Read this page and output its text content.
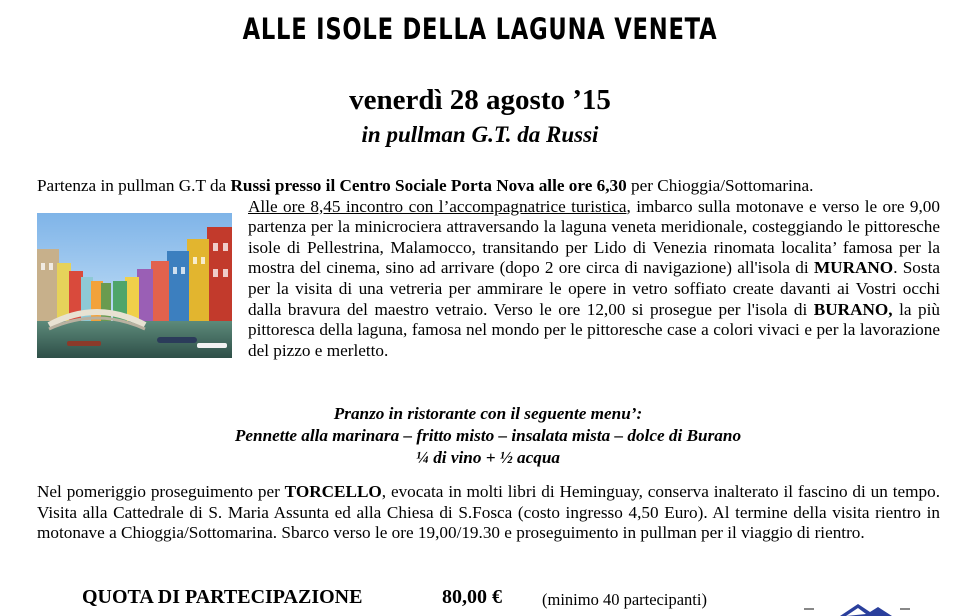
ALLE ISOLE DELLA LAGUNA VENETA
venerdì 28 agosto ’15
in pullman G.T. da Russi
Partenza in pullman G.T da Russi presso il Centro Sociale Porta Nova alle ore 6,30 per Chioggia/Sottomarina.

Alle ore 8,45 incontro con l’accompagnatrice turistica, imbarco sulla motonave e verso le ore 9,00 partenza per la minicrociera attraversando la laguna veneta meridionale, costeggiando le pittoresche isole di Pellestrina, Malamocco, transitando per Lido di Venezia rinomata localita’ famosa per la mostra del cinema, sino ad arrivare (dopo 2 ore circa di navigazione) all'isola di MURANO. Sosta per la visita di una vetreria per ammirare le opere in vetro soffiato create davanti ai Vostri occhi dalla bravura del maestro vetraio. Verso le ore 12,00 si prosegue per l'isola di BURANO, la più pittoresca della laguna, famosa nel mondo per le pittoresche case a colori vivaci e per la lavorazione del pizzo e merletto.
Pranzo in ristorante con il seguente menu’:
Pennette alla marinara – fritto misto – insalata mista – dolce di Burano
¼ di vino + ½ acqua
Nel pomeriggio proseguimento per TORCELLO, evocata in molti libri di Heminguay, conserva inalterato il fascino di un tempo. Visita alla Cattedrale di S. Maria Assunta ed alla Chiesa di S.Fosca (costo ingresso 4,50 Euro). Al termine della visita rientro in motonave a Chioggia/Sottomarina. Sbarco verso le ore 19,00/19.30 e proseguimento in pullman per il viaggio di rientro.
QUOTA DI PARTECIPAZIONE	80,00 € (minimo 40 partecipanti)
